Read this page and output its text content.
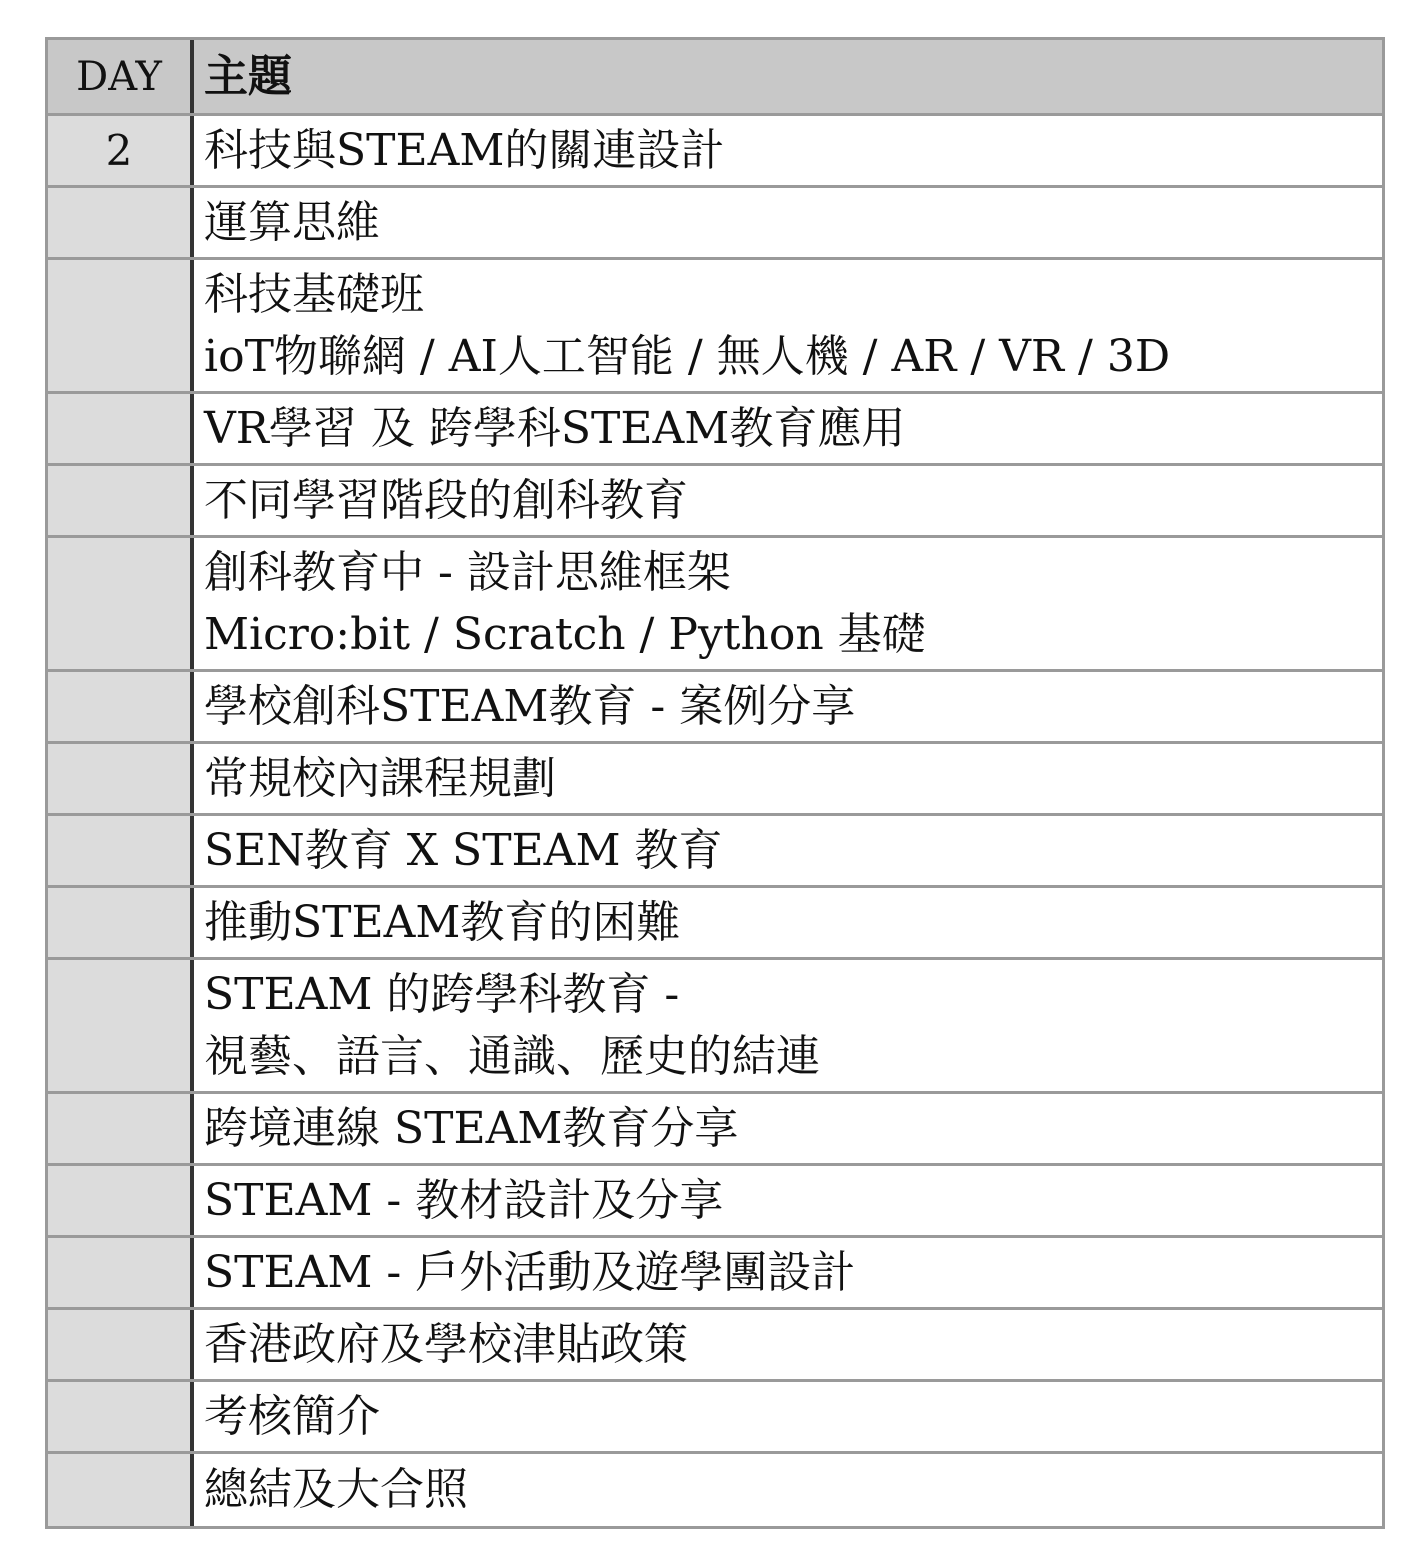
DAY 主題
2	科技與STEAM的關連設計
運算思維
科技基礎班
ioT物聯網 / AI人工智能 / 無人機 / AR / VR / 3D
VR學習 及 跨學科STEAM教育應用
不同學習階段的創科教育
創科教育中 - 設計思維框架
Micro:bit / Scratch / Python 基礎
學校創科STEAM教育 - 案例分享
常規校內課程規劃
SEN教育 X STEAM 教育
推動STEAM教育的困難
STEAM 的跨學科教育 -
視藝、語言、通識、歷史的結連
跨境連線 STEAM教育分享
STEAM - 教材設計及分享
STEAM - 戶外活動及遊學團設計
香港政府及學校津貼政策
考核簡介
總結及大合照
